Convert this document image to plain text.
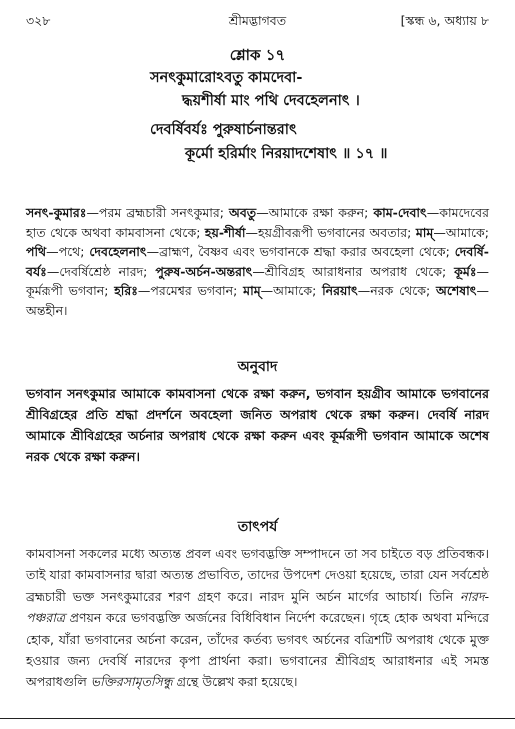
৩২৮	শ্রীমদ্ভাগবত	[স্কন্ধ ৬, অধ্যায় ৮
শ্লোক ১৭
সনৎকুমারোঽবতু কামদেবা-
দ্ধয়শীর্ষা মাং পথি দেবহেলনাৎ ।
দেবর্ষিবর্যঃ পুরুষার্চনান্তরাৎ
কূর্মো হরির্মাং নিরয়াদশেষাৎ ॥ ১৭ ॥
সনৎ-কুমারঃ—পরম ব্রহ্মচারী সনৎকুমার; অবতু—আমাকে রক্ষা করুন; কাম-দেবাৎ—কামদেবের হাত থেকে অথবা কামবাসনা থেকে; হয়-শীর্ষা—হয়গ্রীবরূপী ভগবানের অবতার; মাম্—আমাকে; পথি—পথে; দেবহেলনাৎ—ব্রাহ্মণ, বৈষ্ণব এবং ভগবানকে শ্রদ্ধা করার অবহেলা থেকে; দেবর্ষি-বর্যঃ—দেবর্ষিশ্রেষ্ঠ নারদ; পুরুষ-অর্চন-অন্তরাৎ—শ্রীবিগ্রহ আরাধনার অপরাধ থেকে; কূর্মঃ—কূর্মরূপী ভগবান; হরিঃ—পরমেশ্বর ভগবান; মাম্—আমাকে; নিরয়াৎ—নরক থেকে; অশেষাৎ—অন্তহীন।
অনুবাদ
ভগবান সনৎকুমার আমাকে কামবাসনা থেকে রক্ষা করুন, ভগবান হয়গ্রীব আমাকে ভগবানের শ্রীবিগ্রহের প্রতি শ্রদ্ধা প্রদর্শনে অবহেলা জনিত অপরাধ থেকে রক্ষা করুন। দেবর্ষি নারদ আমাকে শ্রীবিগ্রহের অর্চনার অপরাধ থেকে রক্ষা করুন এবং কূর্মরূপী ভগবান আমাকে অশেষ নরক থেকে রক্ষা করুন।
তাৎপর্য
কামবাসনা সকলের মধ্যে অত্যন্ত প্রবল এবং ভগবদ্ভক্তি সম্পাদনে তা সব চাইতে বড় প্রতিবন্ধক। তাই যারা কামবাসনার দ্বারা অত্যন্ত প্রভাবিত, তাদের উপদেশ দেওয়া হয়েছে, তারা যেন সর্বশ্রেষ্ঠ ব্রহ্মচারী ভক্ত সনৎকুমারের শরণ গ্রহণ করে। নারদ মুনি অর্চন মার্গের আচার্য। তিনি নারদ-পঞ্চরাত্র প্রণয়ন করে ভগবদ্ভক্তি অর্জনের বিধিবিধান নির্দেশ করেছেন। গৃহে হোক অথবা মন্দিরে হোক, যাঁরা ভগবানের অর্চনা করেন, তাঁদের কর্তব্য ভগবৎ অর্চনের বত্রিশটি অপরাধ থেকে মুক্ত হওয়ার জন্য দেবর্ষি নারদের কৃপা প্রার্থনা করা। ভগবানের শ্রীবিগ্রহ আরাধনার এই সমস্ত অপরাধগুলি ভক্তিরসামৃতসিন্ধু গ্রন্থে উল্লেখ করা হয়েছে।
